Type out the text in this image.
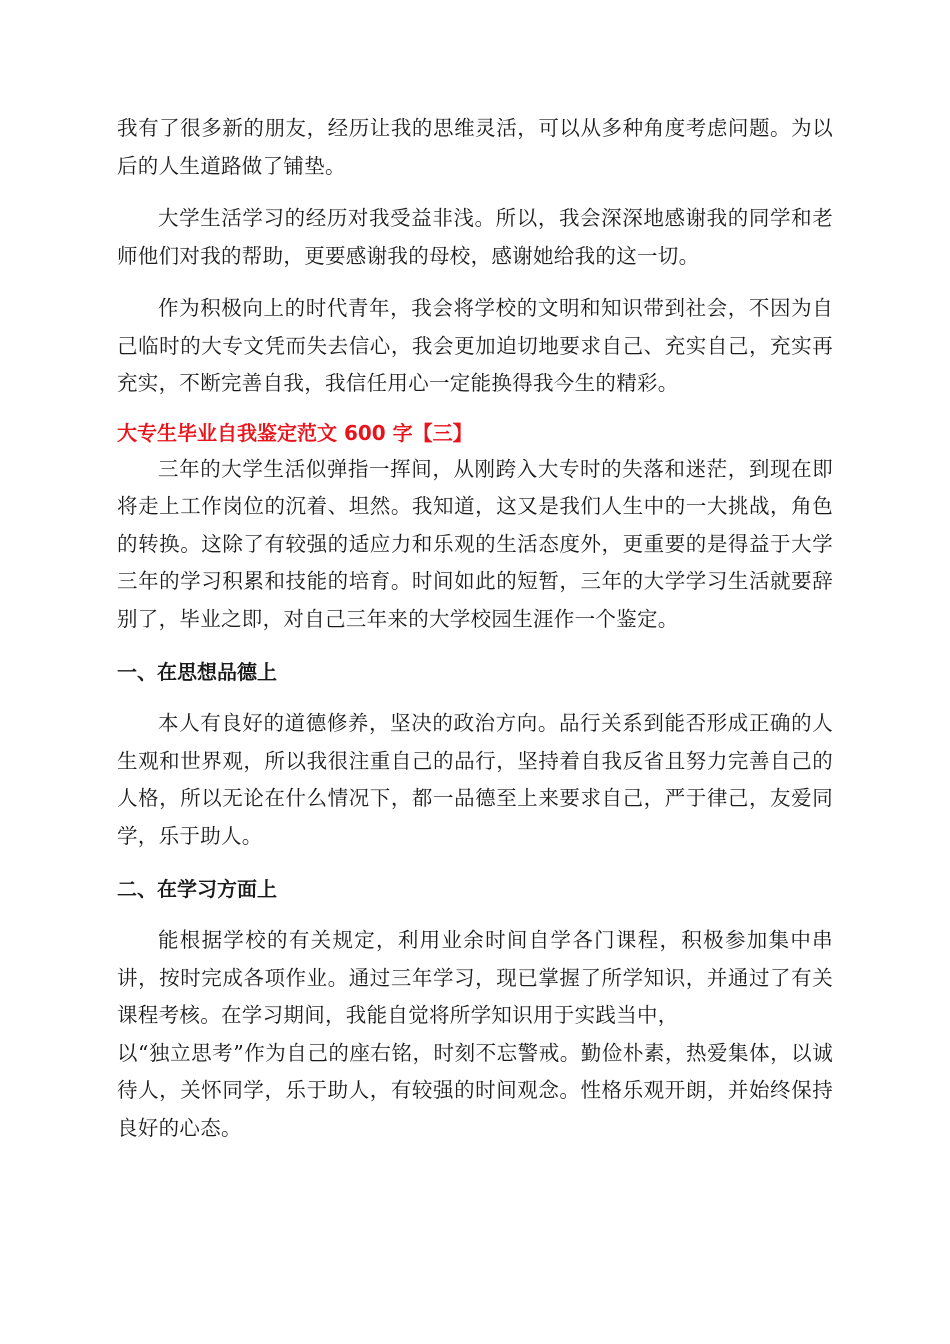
我有了很多新的朋友，经历让我的思维灵活，可以从多种角度考虑问题。为以后的人生道路做了铺垫。

大学生活学习的经历对我受益非浅。所以，我会深深地感谢我的同学和老师他们对我的帮助，更要感谢我的母校，感谢她给我的这一切。

作为积极向上的时代青年，我会将学校的文明和知识带到社会，不因为自己临时的大专文凭而失去信心，我会更加迫切地要求自己、充实自己，充实再充实，不断完善自我，我信任用心一定能换得我今生的精彩。

大专生毕业自我鉴定范文 600 字【三】

三年的大学生活似弹指一挥间，从刚跨入大专时的失落和迷茫，到现在即将走上工作岗位的沉着、坦然。我知道，这又是我们人生中的一大挑战，角色的转换。这除了有较强的适应力和乐观的生活态度外，更重要的是得益于大学三年的学习积累和技能的培育。时间如此的短暂，三年的大学学习生活就要辞别了，毕业之即，对自己三年来的大学校园生涯作一个鉴定。

一、在思想品德上

本人有良好的道德修养，坚决的政治方向。品行关系到能否形成正确的人生观和世界观，所以我很注重自己的品行，坚持着自我反省且努力完善自己的人格，所以无论在什么情况下，都一品德至上来要求自己，严于律己，友爱同学，乐于助人。

二、在学习方面上

能根据学校的有关规定，利用业余时间自学各门课程，积极参加集中串讲，按时完成各项作业。通过三年学习，现已掌握了所学知识，并通过了有关课程考核。在学习期间，我能自觉将所学知识用于实践当中，
以“独立思考”作为自己的座右铭，时刻不忘警戒。勤俭朴素，热爱集体，以诚待人，关怀同学，乐于助人，有较强的时间观念。性格乐观开朗，并始终保持良好的心态。
